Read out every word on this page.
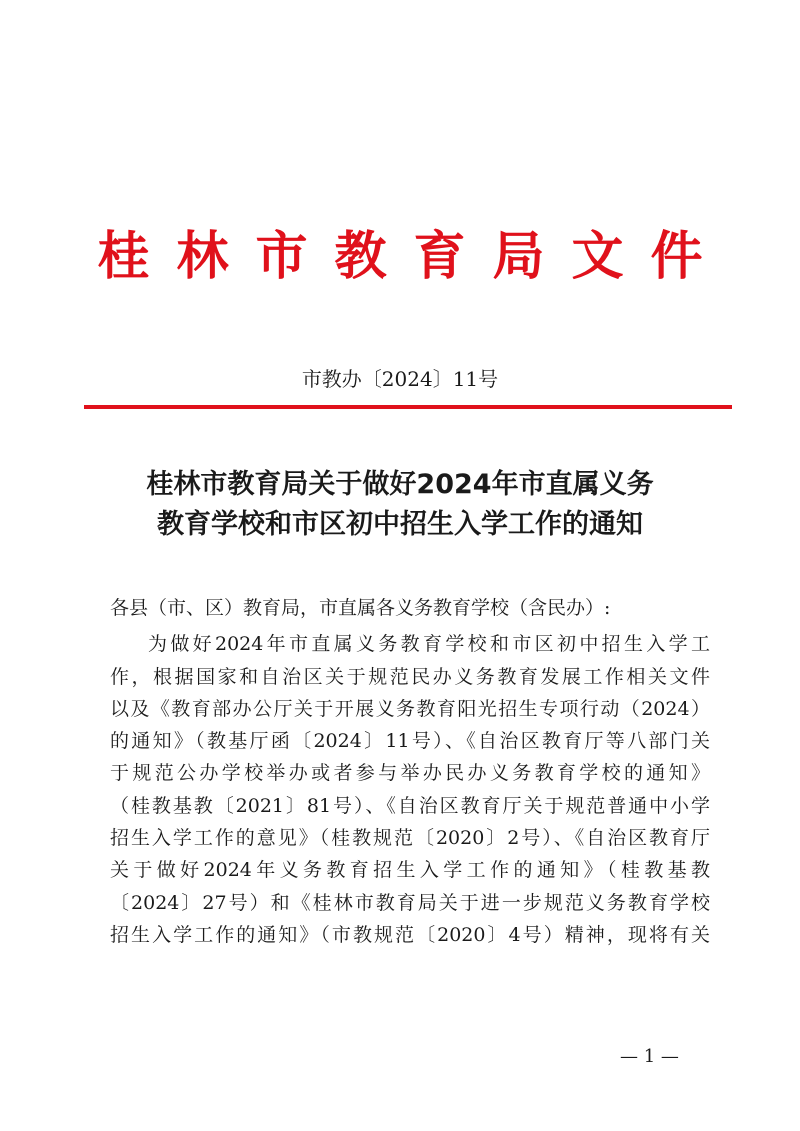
桂林市教育局文件
市教办〔2024〕11号
桂林市教育局关于做好2024年市直属义务
教育学校和市区初中招生入学工作的通知
各县（市、区）教育局，市直属各义务教育学校（含民办）:
为做好2024年市直属义务教育学校和市区初中招生入学工
作，根据国家和自治区关于规范民办义务教育发展工作相关文件
以及《教育部办公厅关于开展义务教育阳光招生专项行动（2024）
的通知》（教基厅函〔2024〕11号）、《自治区教育厅等八部门关
于规范公办学校举办或者参与举办民办义务教育学校的通知》
（桂教基教〔2021〕81号）、《自治区教育厅关于规范普通中小学
招生入学工作的意见》（桂教规范〔2020〕2号）、《自治区教育厅
关于做好2024年义务教育招生入学工作的通知》（桂教基教
〔2024〕27号）和《桂林市教育局关于进一步规范义务教育学校
招生入学工作的通知》（市教规范〔2020〕4号）精神，现将有关
— 1 —
